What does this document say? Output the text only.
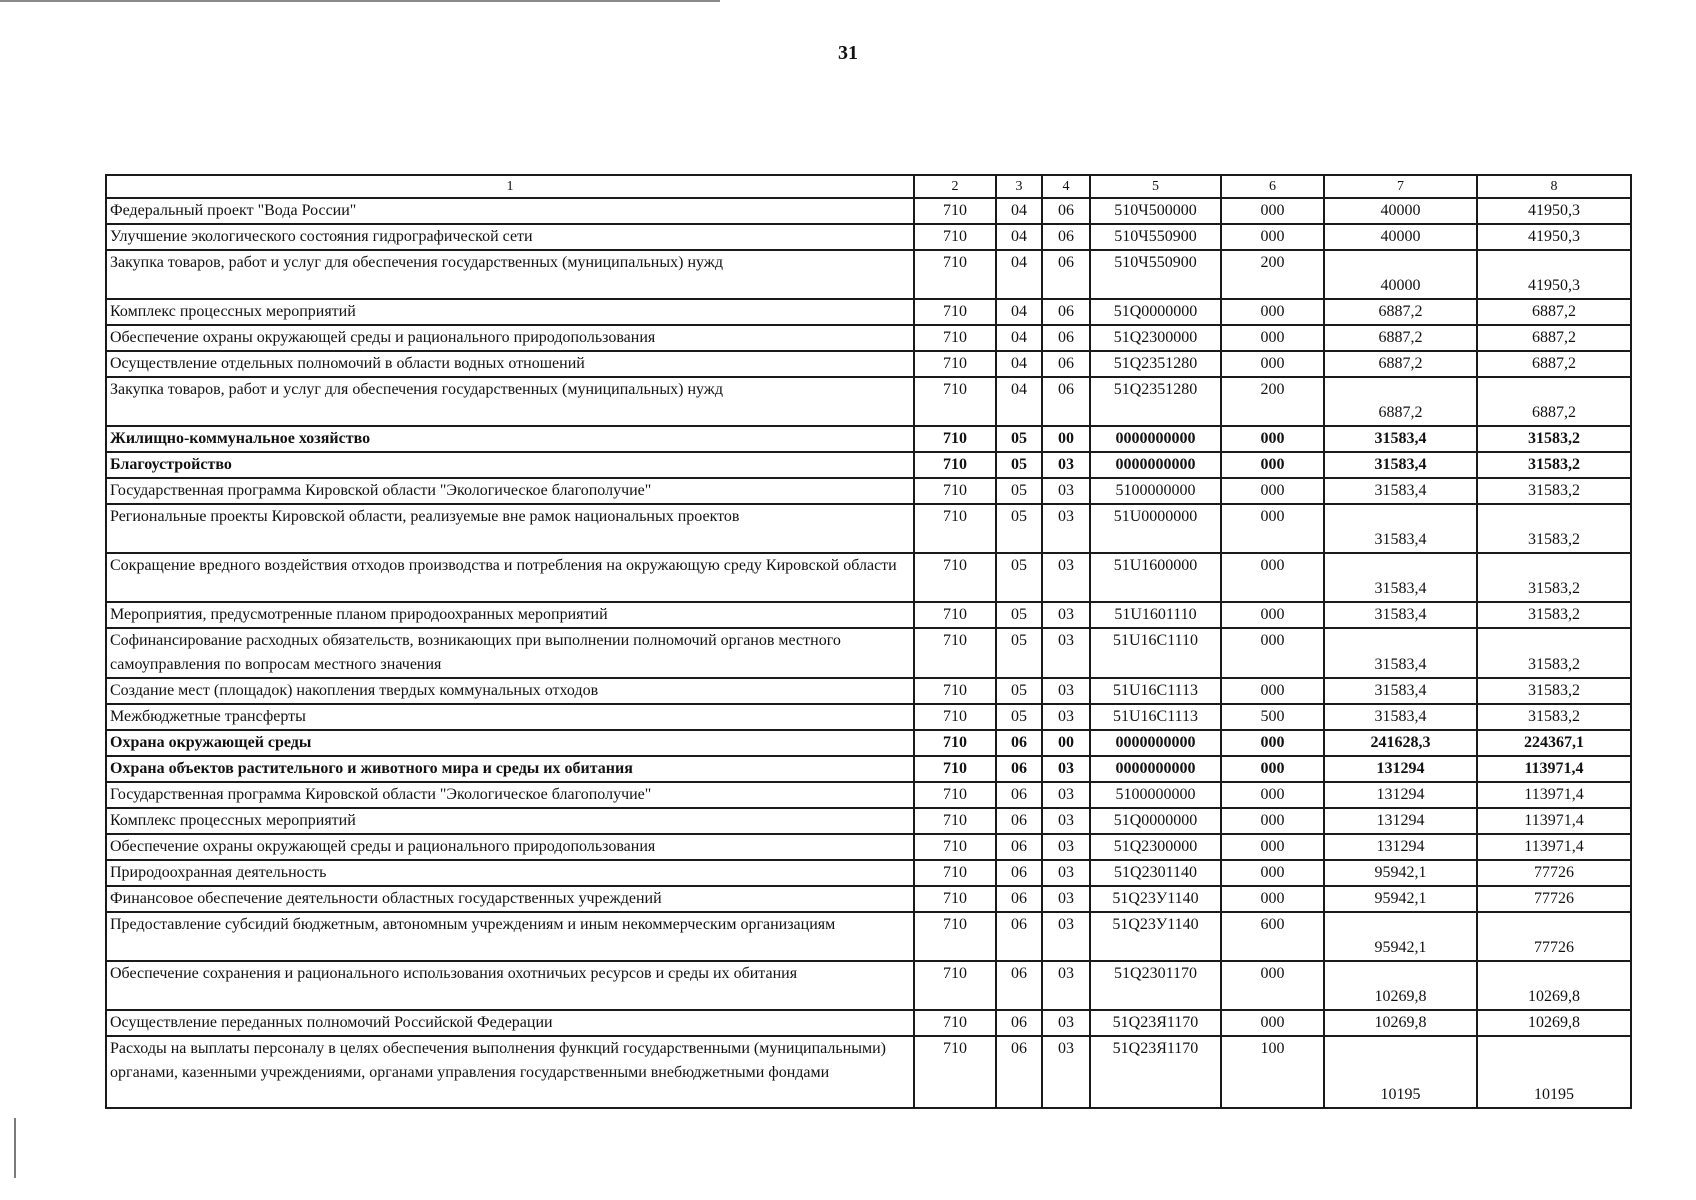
31
1	2	3	4	5	6	7	8
Федеральный проект "Вода России"	710	04	06	510Ч500000	000	40000	41950,3
Улучшение экологического состояния гидрографической сети	710	04	06	510Ч550900	000	40000	41950,3
Закупка товаров, работ и услуг для обеспечения государственных (муниципальных) нужд	710	04	06	510Ч550900	200	40000	41950,3
Комплекс процессных мероприятий	710	04	06	51Q0000000	000	6887,2	6887,2
Обеспечение охраны окружающей среды и рационального природопользования	710	04	06	51Q2300000	000	6887,2	6887,2
Осуществление отдельных полномочий в области водных отношений	710	04	06	51Q2351280	000	6887,2	6887,2
Закупка товаров, работ и услуг для обеспечения государственных (муниципальных) нужд	710	04	06	51Q2351280	200	6887,2	6887,2
Жилищно-коммунальное хозяйство	710	05	00	0000000000	000	31583,4	31583,2
Благоустройство	710	05	03	0000000000	000	31583,4	31583,2
Государственная программа Кировской области "Экологическое благополучие"	710	05	03	5100000000	000	31583,4	31583,2
Региональные проекты Кировской области, реализуемые вне рамок национальных проектов	710	05	03	51U0000000	000	31583,4	31583,2
Сокращение вредного воздействия отходов производства и потребления на окружающую среду Кировской области	710	05	03	51U1600000	000	31583,4	31583,2
Мероприятия, предусмотренные планом природоохранных мероприятий	710	05	03	51U1601110	000	31583,4	31583,2
Софинансирование расходных обязательств, возникающих при выполнении полномочий органов местного самоуправления по вопросам местного значения	710	05	03	51U16C1110	000	31583,4	31583,2
Создание мест (площадок) накопления твердых коммунальных отходов	710	05	03	51U16C1113	000	31583,4	31583,2
Межбюджетные трансферты	710	05	03	51U16C1113	500	31583,4	31583,2
Охрана окружающей среды	710	06	00	0000000000	000	241628,3	224367,1
Охрана объектов растительного и животного мира и среды их обитания	710	06	03	0000000000	000	131294	113971,4
Государственная программа Кировской области "Экологическое благополучие"	710	06	03	5100000000	000	131294	113971,4
Комплекс процессных мероприятий	710	06	03	51Q0000000	000	131294	113971,4
Обеспечение охраны окружающей среды и рационального природопользования	710	06	03	51Q2300000	000	131294	113971,4
Природоохранная деятельность	710	06	03	51Q2301140	000	95942,1	77726
Финансовое обеспечение деятельности областных государственных учреждений	710	06	03	51Q23У1140	000	95942,1	77726
Предоставление субсидий бюджетным, автономным учреждениям и иным некоммерческим организациям	710	06	03	51Q23У1140	600	95942,1	77726
Обеспечение сохранения и рационального использования охотничьих ресурсов и среды их обитания	710	06	03	51Q2301170	000	10269,8	10269,8
Осуществление переданных полномочий Российской Федерации	710	06	03	51Q23Я1170	000	10269,8	10269,8
Расходы на выплаты персоналу в целях обеспечения выполнения функций государственными (муниципальными) органами, казенными учреждениями, органами управления государственными внебюджетными фондами	710	06	03	51Q23Я1170	100	10195	10195
